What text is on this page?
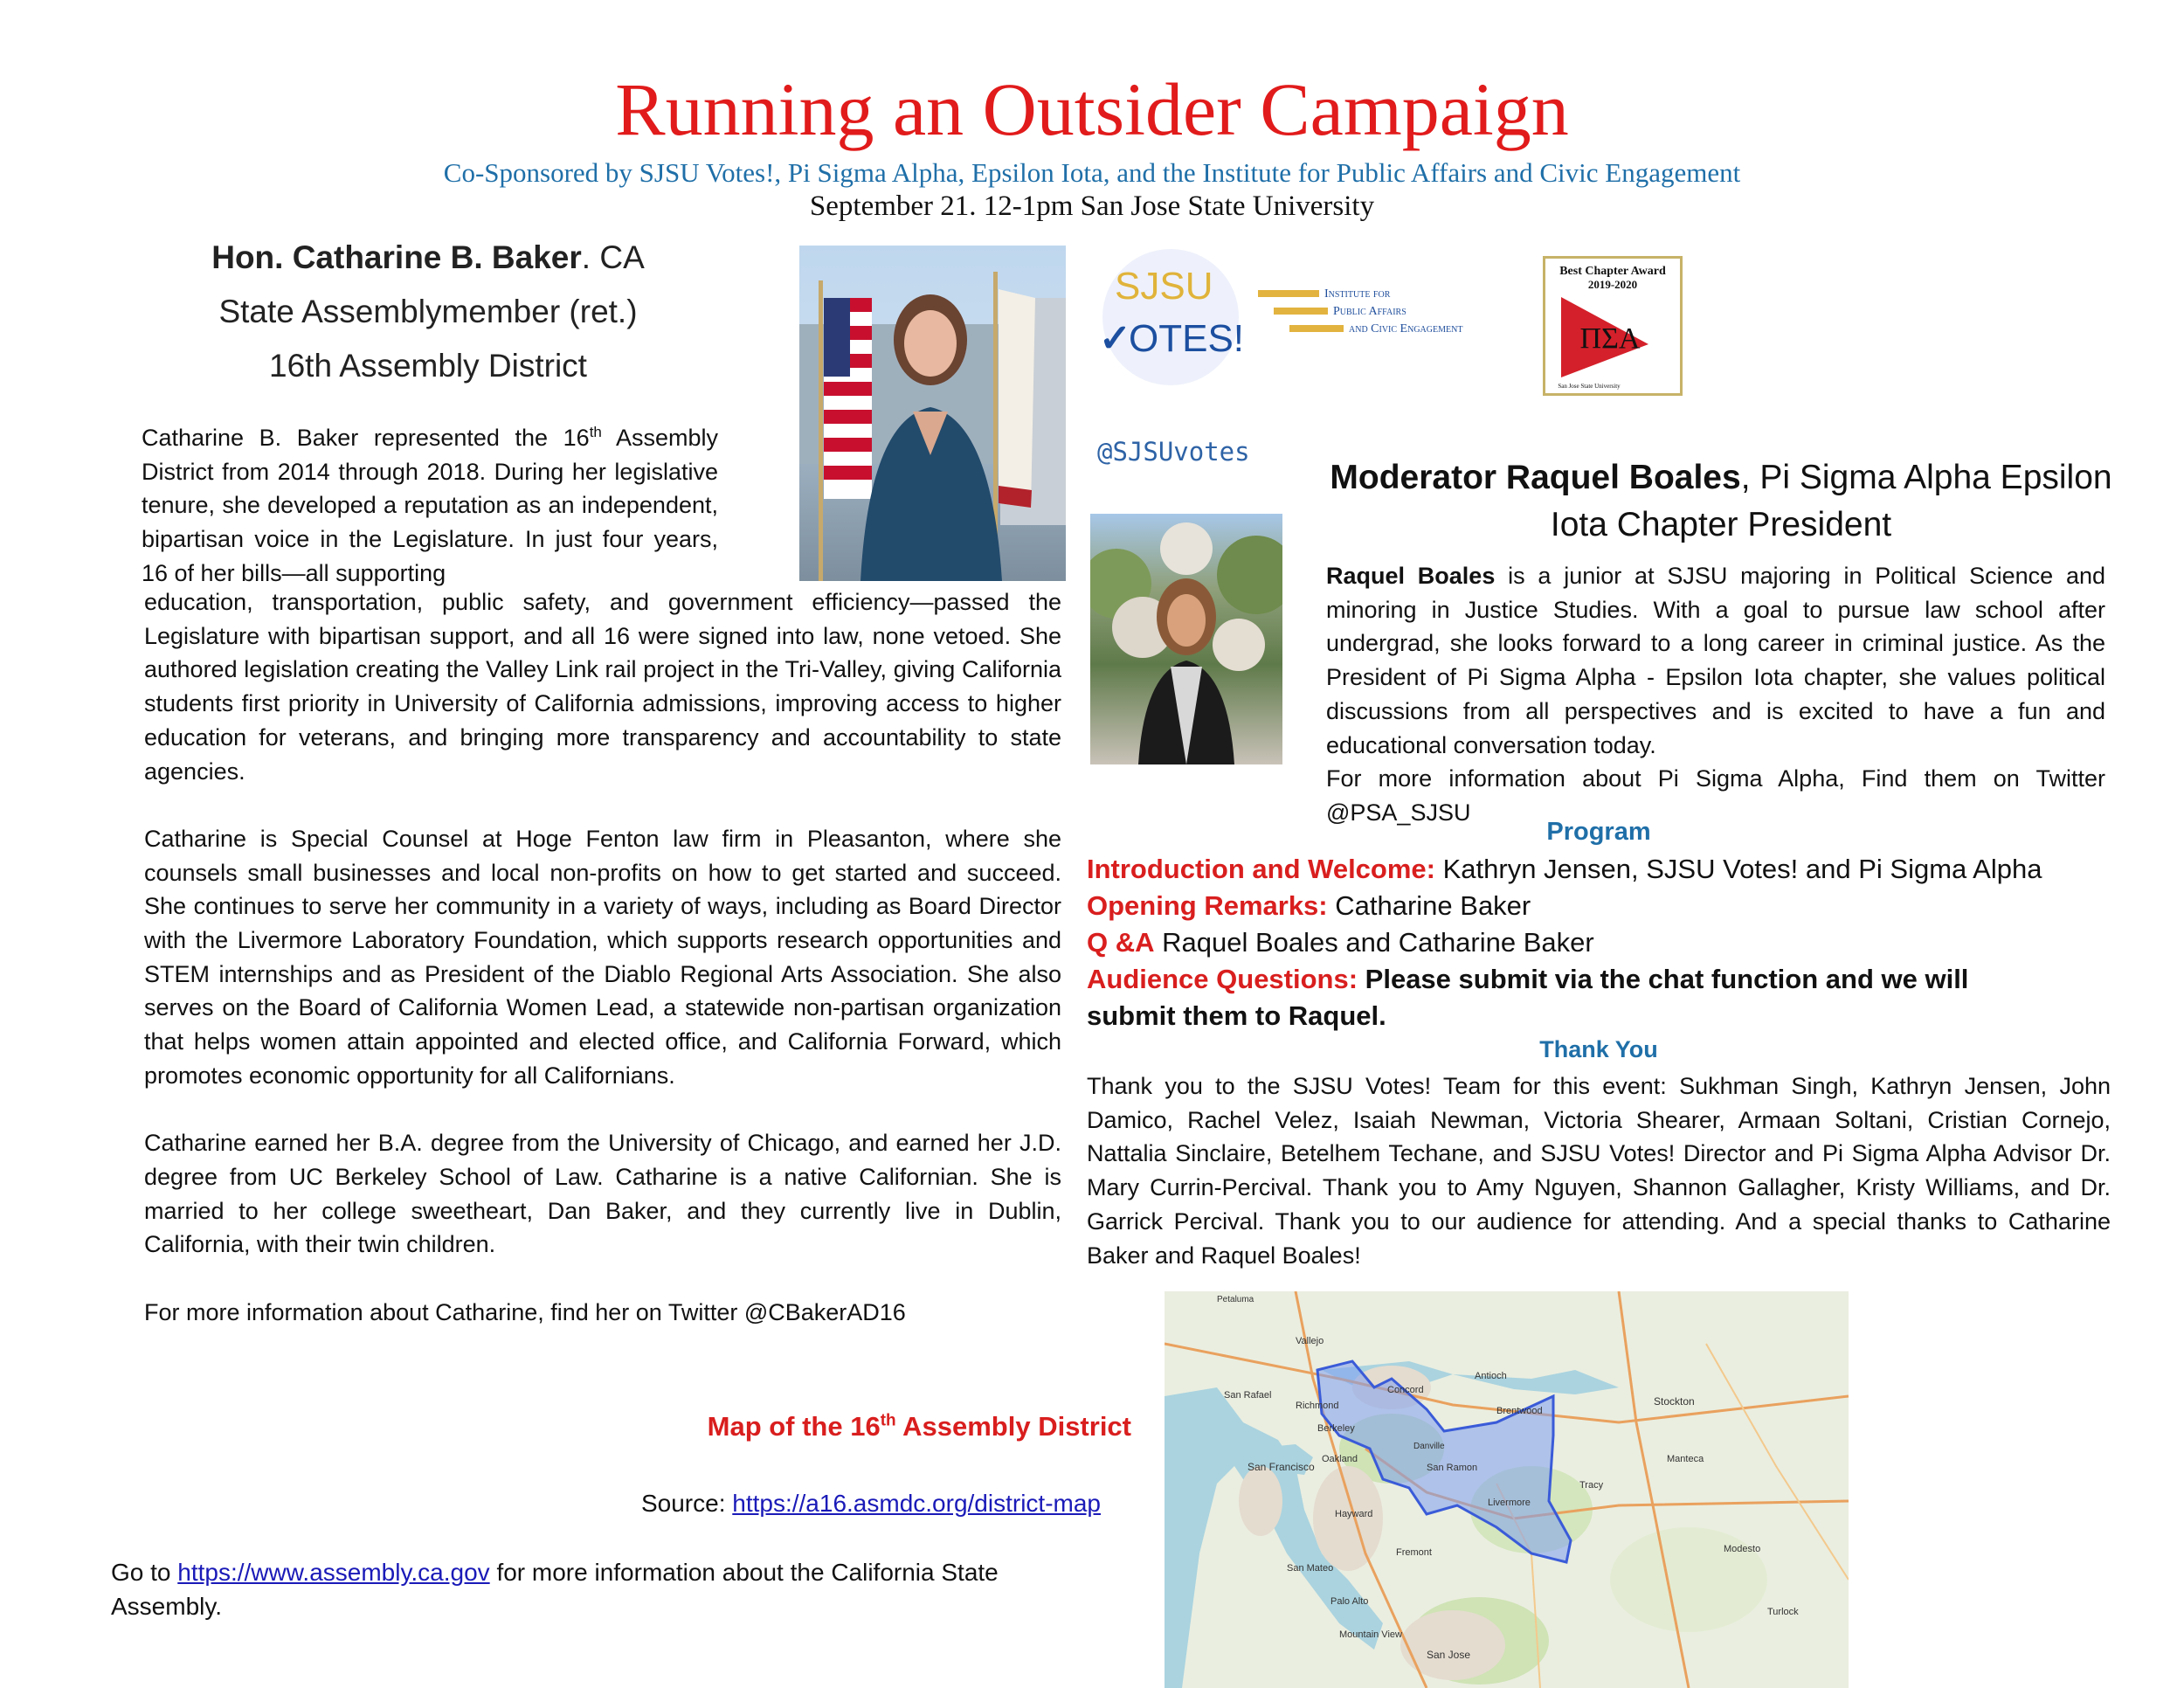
Running an Outsider Campaign
Co-Sponsored by SJSU Votes!, Pi Sigma Alpha, Epsilon Iota, and the Institute for Public Affairs and Civic Engagement
September 21. 12-1pm San Jose State University
Hon. Catharine B. Baker. CA
State Assemblymember (ret.)
16th Assembly District
Catharine B. Baker represented the 16th Assembly District from 2014 through 2018. During her legislative tenure, she developed a reputation as an independent, bipartisan voice in the Legislature. In just four years, 16 of her bills—all supporting

education, transportation, public safety, and government efficiency—passed the Legislature with bipartisan support, and all 16 were signed into law, none vetoed. She authored legislation creating the Valley Link rail project in the Tri-Valley, giving California students first priority in University of California admissions, improving access to higher education for veterans, and bringing more transparency and accountability to state agencies.

Catharine is Special Counsel at Hoge Fenton law firm in Pleasanton, where she counsels small businesses and local non-profits on how to get started and succeed. She continues to serve her community in a variety of ways, including as Board Director with the Livermore Laboratory Foundation, which supports research opportunities and STEM internships and as President of the Diablo Regional Arts Association. She also serves on the Board of California Women Lead, a statewide non-partisan organization that helps women attain appointed and elected office, and California Forward, which promotes economic opportunity for all Californians.

Catharine earned her B.A. degree from the University of Chicago, and earned her J.D. degree from UC Berkeley School of Law. Catharine is a native Californian. She is married to her college sweetheart, Dan Baker, and they currently live in Dublin, California, with their twin children.

For more information about Catharine, find her on Twitter @CBakerAD16

SJSU
✓
OTES!
Institute for
Public Affairs
and Civic Engagement
Best Chapter Award
2019-2020
ΠΣΑ
San Jose State University
@SJSUvotes
Moderator Raquel Boales, Pi Sigma Alpha Epsilon Iota Chapter President
Raquel Boales is a junior at SJSU majoring in Political Science and minoring in Justice Studies. With a goal to pursue law school after undergrad, she looks forward to a long career in criminal justice. As the President of Pi Sigma Alpha - Epsilon Iota chapter, she values political discussions from all perspectives and is excited to have a fun and educational conversation today.
For more information about Pi Sigma Alpha, Find them on Twitter @PSA_SJSU
Program
Introduction and Welcome: Kathryn Jensen, SJSU Votes! and Pi Sigma Alpha
Opening Remarks: Catharine Baker
Q &A Raquel Boales and Catharine Baker
Audience Questions: Please submit via the chat function and we will submit them to Raquel.
Thank You
Thank you to the SJSU Votes! Team for this event: Sukhman Singh, Kathryn Jensen, John Damico, Rachel Velez, Isaiah Newman, Victoria Shearer, Armaan Soltani, Cristian Cornejo, Nattalia Sinclaire, Betelhem Techane, and SJSU Votes! Director and Pi Sigma Alpha Advisor Dr. Mary Currin-Percival. Thank you to Amy Nguyen, Shannon Gallagher, Kristy Williams, and Dr. Garrick Percival. Thank you to our audience for attending. And a special thanks to Catharine Baker and Raquel Boales!
Map of the 16th Assembly District
Source: https://a16.asmdc.org/district-map
Go to https://www.assembly.ca.gov for more information about the California State Assembly.
San Rafael
Richmond
Berkeley
Concord
Antioch
Brentwood
Stockton
San Francisco
Oakland
San Ramon
Livermore
Tracy
Manteca
Hayward
Fremont
San Mateo
Palo Alto
Modesto
San Jose
Mountain View
Turlock
Vallejo
Danville
Petaluma
